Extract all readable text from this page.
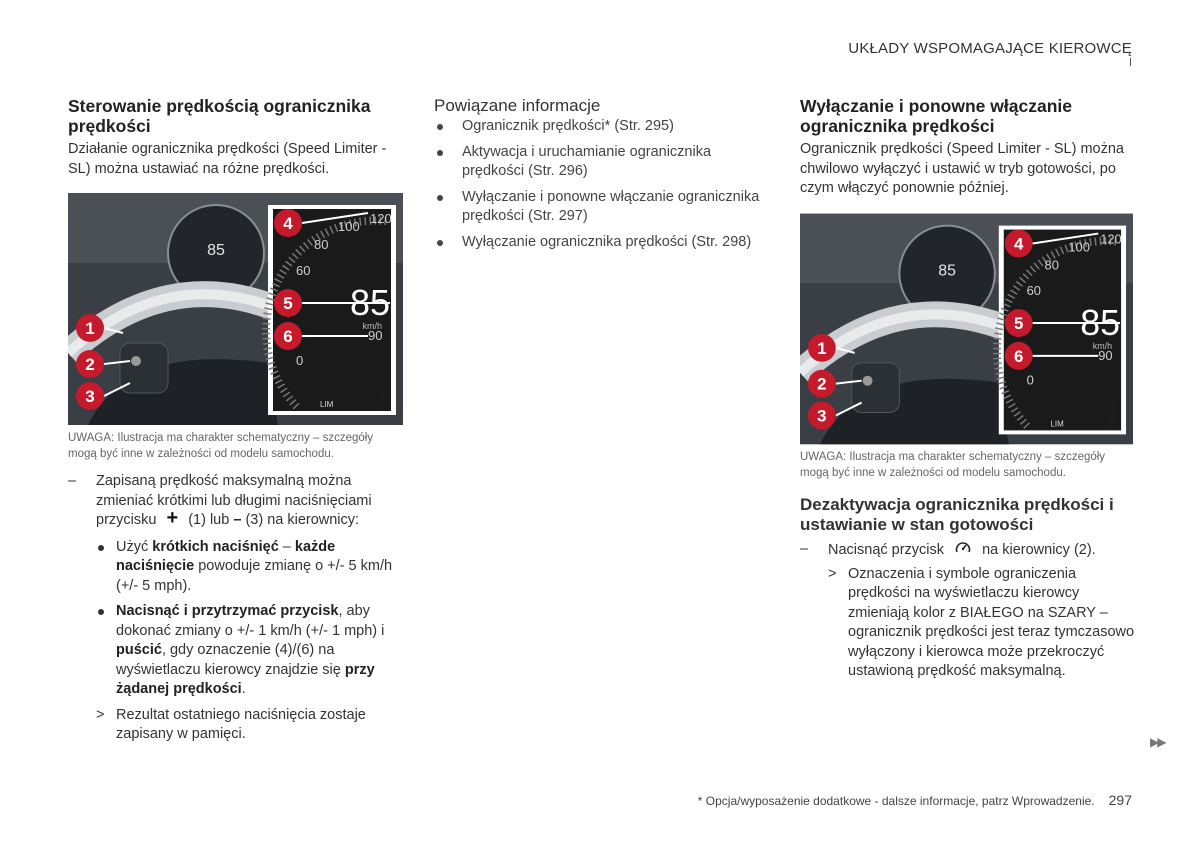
UKŁADY WSPOMAGAJĄCE KIEROWCĘ
Sterowanie prędkością ogranicznika prędkości

Działanie ogranicznika prędkości (Speed Limiter - SL) można ustawiać na różne prędkości.

85
1
2
3
0
60
80
100
120
90
85
km/h
LIM	G037829
4
5
6
UWAGA: Ilustracja ma charakter schematyczny – szczegóły mogą być inne w zależności od modelu samochodu.
– Zapisaną prędkość maksymalną można zmieniać krótkimi lub długimi naciśnięciami przycisku + (1) lub – (3) na kierownicy:
Użyć krótkich naciśnięć – każde naciśnięcie powoduje zmianę o +/- 5 km/h (+/- 5 mph).
Nacisnąć i przytrzymać przycisk, aby dokonać zmiany o +/- 1 km/h (+/- 1 mph) i puścić, gdy oznaczenie (4)/(6) na wyświetlaczu kierowcy znajdzie się przy żądanej prędkości.
> Rezultat ostatniego naciśnięcia zostaje zapisany w pamięci.
Powiązane informacje
Ogranicznik prędkości* (Str. 295)
Aktywacja i uruchamianie ogranicznika prędkości (Str. 296)
Wyłączanie i ponowne włączanie ogranicznika prędkości (Str. 297)
Wyłączanie ogranicznika prędkości (Str. 298)
Wyłączanie i ponowne włączanie ogranicznika prędkości

Ogranicznik prędkości (Speed Limiter - SL) można chwilowo wyłączyć i ustawić w tryb gotowości, po czym włączyć ponownie później.

85
1
2
3
0
60
80
100
120
90
85
km/h
LIM	G037829
4
5
6
UWAGA: Ilustracja ma charakter schematyczny – szczegóły mogą być inne w zależności od modelu samochodu.
Dezaktywacja ogranicznika prędkości i ustawianie w stan gotowości
– Nacisnąć przycisk	na kierownicy (2).
> Oznaczenia i symbole ograniczenia prędkości na wyświetlaczu kierowcy zmieniają kolor z BIAŁEGO na SZARY – ogranicznik prędkości jest teraz tymczasowo wyłączony i kierowca może przekroczyć ustawioną prędkość maksymalną.
▶▶
* Opcja/wyposażenie dodatkowe - dalsze informacje, patrz Wprowadzenie. 297
